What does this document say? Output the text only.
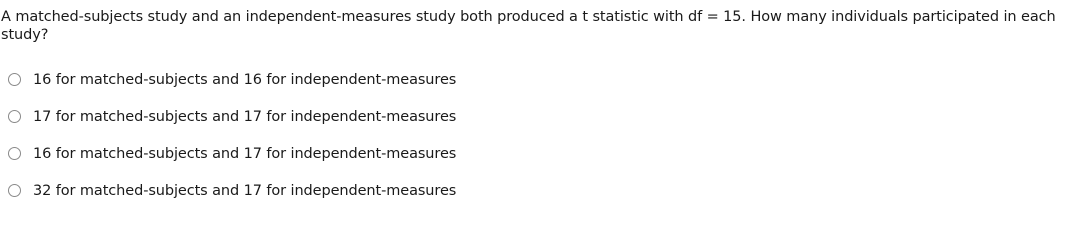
A matched-subjects study and an independent-measures study both produced a t statistic with df = 15. How many individuals participated in each study?
16 for matched-subjects and 16 for independent-measures
17 for matched-subjects and 17 for independent-measures
16 for matched-subjects and 17 for independent-measures
32 for matched-subjects and 17 for independent-measures
